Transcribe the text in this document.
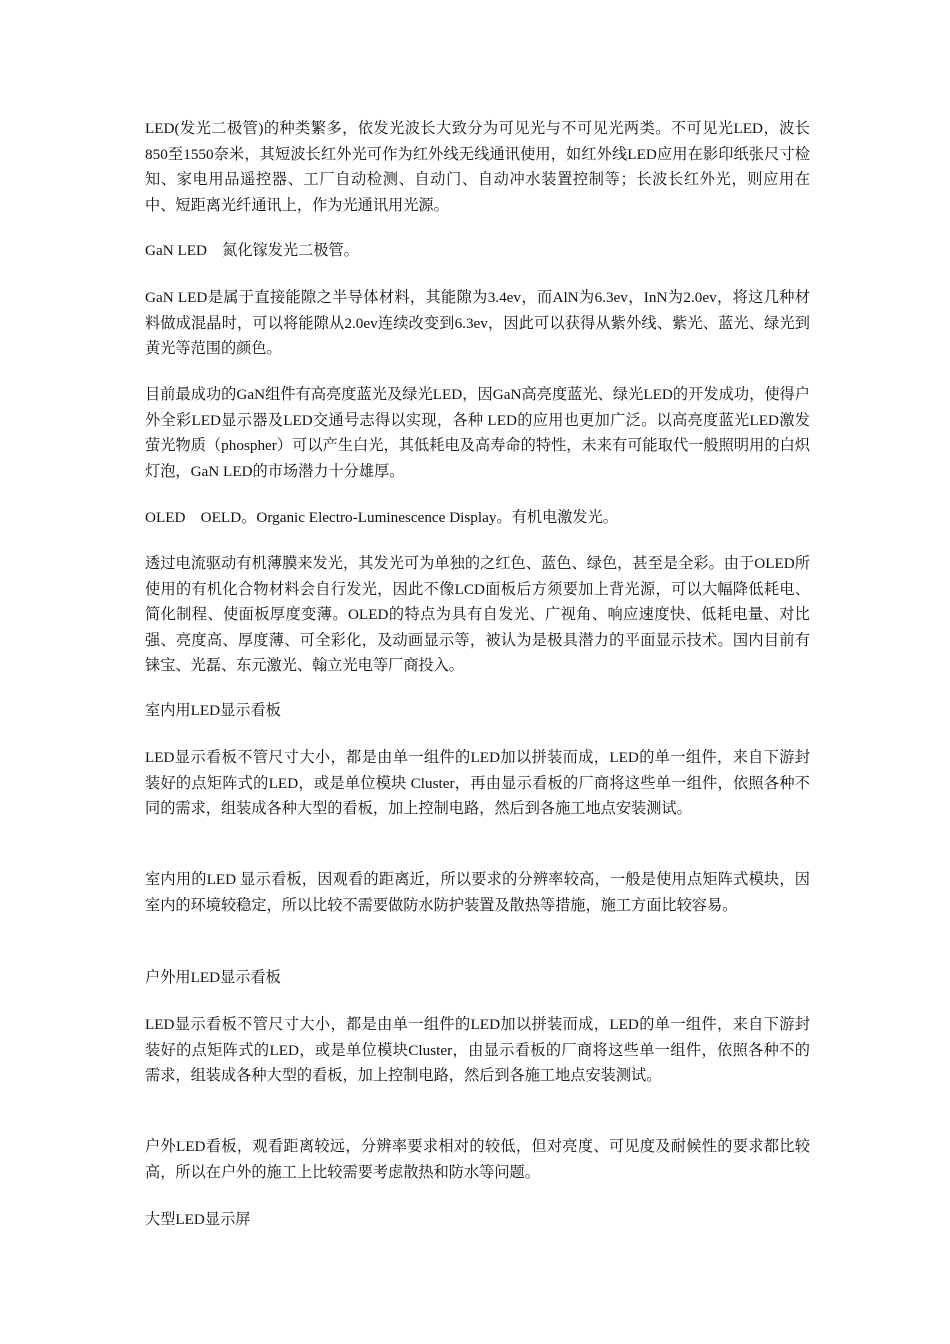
LED(发光二极管)的种类繁多，依发光波长大致分为可见光与不可见光两类。不可见光LED，波长850至1550奈米，其短波长红外光可作为红外线无线通讯使用，如红外线LED应用在影印纸张尺寸检知、家电用品遥控器、工厂自动检测、自动门、自动冲水装置控制等；长波长红外光，则应用在中、短距离光纤通讯上，作为光通讯用光源。

GaN LED　氮化镓发光二极管。

GaN LED是属于直接能隙之半导体材料，其能隙为3.4ev，而AlN为6.3ev，InN为2.0ev，将这几种材料做成混晶时，可以将能隙从2.0ev连续改变到6.3ev，因此可以获得从紫外线、紫光、蓝光、绿光到黄光等范围的颜色。

目前最成功的GaN组件有高亮度蓝光及绿光LED，因GaN高亮度蓝光、绿光LED的开发成功，使得户外全彩LED显示器及LED交通号志得以实现，各种 LED的应用也更加广泛。以高亮度蓝光LED激发萤光物质（phospher）可以产生白光，其低耗电及高寿命的特性，未来有可能取代一般照明用的白炽灯泡，GaN LED的市场潜力十分雄厚。

OLED　OELD。Organic Electro-Luminescence Display。有机电激发光。

透过电流驱动有机薄膜来发光，其发光可为单独的之红色、蓝色、绿色，甚至是全彩。由于OLED所使用的有机化合物材料会自行发光，因此不像LCD面板后方须要加上背光源，可以大幅降低耗电、简化制程、使面板厚度变薄。OLED的特点为具有自发光、广视角、响应速度快、低耗电量、对比强、亮度高、厚度薄、可全彩化，及动画显示等，被认为是极具潜力的平面显示技术。国内目前有铼宝、光磊、东元激光、翰立光电等厂商投入。

室内用LED显示看板

LED显示看板不管尺寸大小，都是由单一组件的LED加以拼装而成，LED的单一组件，来自下游封装好的点矩阵式的LED，或是单位模块 Cluster，再由显示看板的厂商将这些单一组件，依照各种不同的需求，组装成各种大型的看板，加上控制电路，然后到各施工地点安装测试。

室内用的LED 显示看板，因观看的距离近，所以要求的分辨率较高，一般是使用点矩阵式模块，因室内的环境较稳定，所以比较不需要做防水防护装置及散热等措施，施工方面比较容易。

户外用LED显示看板

LED显示看板不管尺寸大小，都是由单一组件的LED加以拼装而成，LED的单一组件，来自下游封装好的点矩阵式的LED，或是单位模块Cluster，由显示看板的厂商将这些单一组件，依照各种不的需求，组装成各种大型的看板，加上控制电路，然后到各施工地点安装测试。

户外LED看板，观看距离较远，分辨率要求相对的较低，但对亮度、可见度及耐候性的要求都比较高，所以在户外的施工上比较需要考虑散热和防水等问题。

大型LED显示屏
